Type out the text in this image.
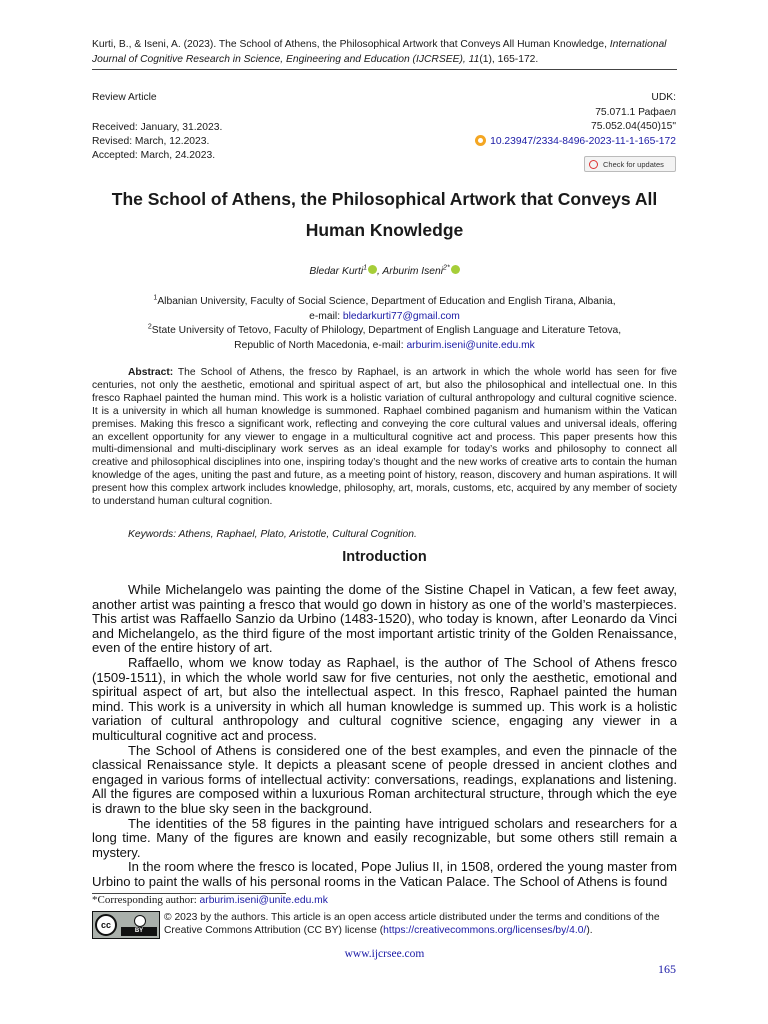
Kurti, B., & Iseni, A. (2023). The School of Athens, the Philosophical Artwork that Conveys All Human Knowledge, International Journal of Cognitive Research in Science, Engineering and Education (IJCRSEE), 11(1), 165-172.
Review Article
Received: January, 31.2023.
Revised: March, 12.2023.
Accepted: March, 24.2023.
UDK:
75.071.1 Рафаел
75.052.04(450)15"
10.23947/2334-8496-2023-11-1-165-172
Check for updates
The School of Athens, the Philosophical Artwork that Conveys All Human Knowledge
Bledar Kurti$^1$ , Arburim Iseni$^{2*}$
$^1$Albanian University, Faculty of Social Science, Department of Education and English Tirana, Albania,
e-mail: bledarkurti77@gmail.com
$^2$State University of Tetovo, Faculty of Philology, Department of English Language and Literature Tetova,
Republic of North Macedonia, e-mail: arburim.iseni@unite.edu.mk
Abstract: The School of Athens, the fresco by Raphael, is an artwork in which the whole world has seen for five centuries, not only the aesthetic, emotional and spiritual aspect of art, but also the philosophical and intellectual one. In this fresco Raphael painted the human mind. This work is a holistic variation of cultural anthropology and cultural cognitive science. It is a university in which all human knowledge is summoned. Raphael combined paganism and humanism within the Vatican premises. Making this fresco a significant work, reflecting and conveying the core cultural values and universal ideals, offering an excellent opportunity for any viewer to engage in a multicultural cognitive act and process. This paper presents how this multi-dimensional and multi-disciplinary work serves as an ideal example for today’s works and philosophy to connect all creative and philosophical disciplines into one, inspiring today’s thought and the new works of creative arts to contain the human knowledge of the ages, uniting the past and future, as a meeting point of history, reason, discovery and human aspirations. It will present how this complex artwork includes knowledge, philosophy, art, morals, customs, etc, acquired by any member of society to understand human cultural cognition.
Keywords: Athens, Raphael, Plato, Aristotle, Cultural Cognition.
Introduction

While Michelangelo was painting the dome of the Sistine Chapel in Vatican, a few feet away, another artist was painting a fresco that would go down in history as one of the world’s masterpieces. This artist was Raffaello Sanzio da Urbino (1483-1520), who today is known, after Leonardo da Vinci and Michelangelo, as the third figure of the most important artistic trinity of the Golden Renaissance, even of the entire history of art.

Raffaello, whom we know today as Raphael, is the author of The School of Athens fresco (1509-1511), in which the whole world saw for five centuries, not only the aesthetic, emotional and spiritual aspect of art, but also the intellectual aspect. In this fresco, Raphael painted the human mind. This work is a university in which all human knowledge is summed up. This work is a holistic variation of cultural anthropology and cultural cognitive science, engaging any viewer in a multicultural cognitive act and process.

The School of Athens is considered one of the best examples, and even the pinnacle of the classical Renaissance style. It depicts a pleasant scene of people dressed in ancient clothes and engaged in various forms of intellectual activity: conversations, readings, explanations and listening. All the figures are composed within a luxurious Roman architectural structure, through which the eye is drawn to the blue sky seen in the background.

The identities of the 58 figures in the painting have intrigued scholars and researchers for a long time. Many of the figures are known and easily recognizable, but some others still remain a mystery.

In the room where the fresco is located, Pope Julius II, in 1508, ordered the young master from Urbino to paint the walls of his personal rooms in the Vatican Palace. The School of Athens is found

*Corresponding author: arburim.iseni@unite.edu.mk
cc
BY
© 2023 by the authors. This article is an open access article distributed under the terms and conditions of the Creative Commons Attribution (CC BY) license (https://creativecommons.org/licenses/by/4.0/).
www.ijcrsee.com
165
